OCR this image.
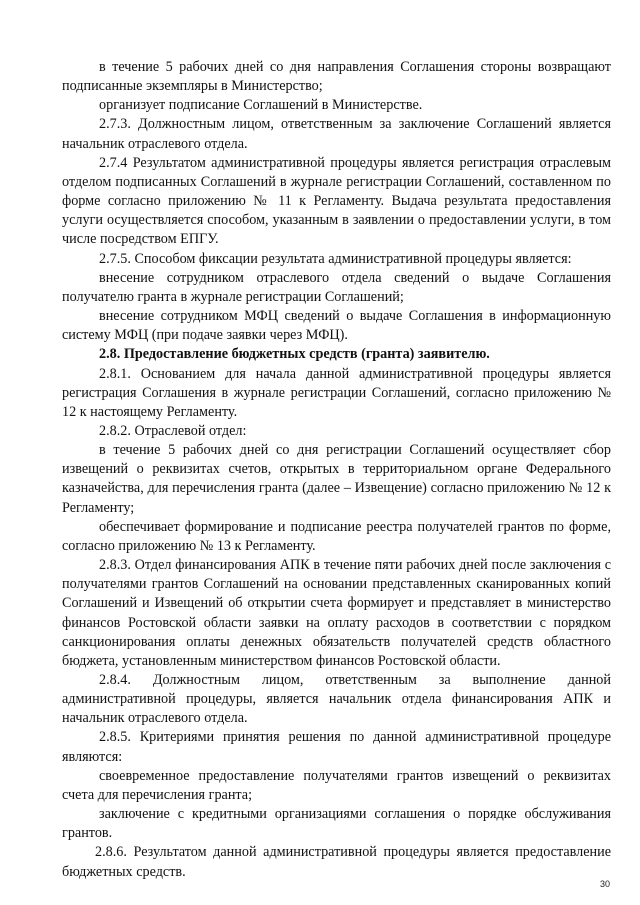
в течение 5 рабочих дней со дня направления Соглашения стороны возвращают подписанные экземпляры в Министерство;

организует подписание Соглашений в Министерстве.

2.7.3. Должностным лицом, ответственным за заключение Соглашений является начальник отраслевого отдела.

2.7.4 Результатом административной процедуры является регистрация отраслевым отделом подписанных Соглашений в журнале регистрации Соглашений, составленном по форме согласно приложению № 11 к Регламенту. Выдача результата предоставления услуги осуществляется способом, указанным в заявлении о предоставлении услуги, в том числе посредством ЕПГУ.

2.7.5. Способом фиксации результата административной процедуры является:

внесение сотрудником отраслевого отдела сведений о выдаче Соглашения получателю гранта в журнале регистрации Соглашений;

внесение сотрудником МФЦ сведений о выдаче Соглашения в информационную систему МФЦ (при подаче заявки через МФЦ).

2.8. Предоставление бюджетных средств (гранта) заявителю.

2.8.1. Основанием для начала данной административной процедуры является регистрация Соглашения в журнале регистрации Соглашений, согласно приложению № 12 к настоящему Регламенту.

2.8.2. Отраслевой отдел:

в течение 5 рабочих дней со дня регистрации Соглашений осуществляет сбор извещений о реквизитах счетов, открытых в территориальном органе Федерального казначейства, для перечисления гранта (далее – Извещение) согласно приложению № 12 к Регламенту;

обеспечивает формирование и подписание реестра получателей грантов по форме, согласно приложению № 13 к Регламенту.

2.8.3. Отдел финансирования АПК в течение пяти рабочих дней после заключения с получателями грантов Соглашений на основании представленных сканированных копий Соглашений и Извещений об открытии счета формирует и представляет в министерство финансов Ростовской области заявки на оплату расходов в соответствии с порядком санкционирования оплаты денежных обязательств получателей средств областного бюджета, установленным министерством финансов Ростовской области.

2.8.4. Должностным лицом, ответственным за выполнение данной административной процедуры, является начальник отдела финансирования АПК и начальник отраслевого отдела.

2.8.5. Критериями принятия решения по данной административной процедуре являются:

своевременное предоставление получателями грантов извещений о реквизитах счета для перечисления гранта;

заключение с кредитными организациями соглашения о порядке обслуживания грантов.

2.8.6. Результатом данной административной процедуры является предоставление бюджетных средств.

30
